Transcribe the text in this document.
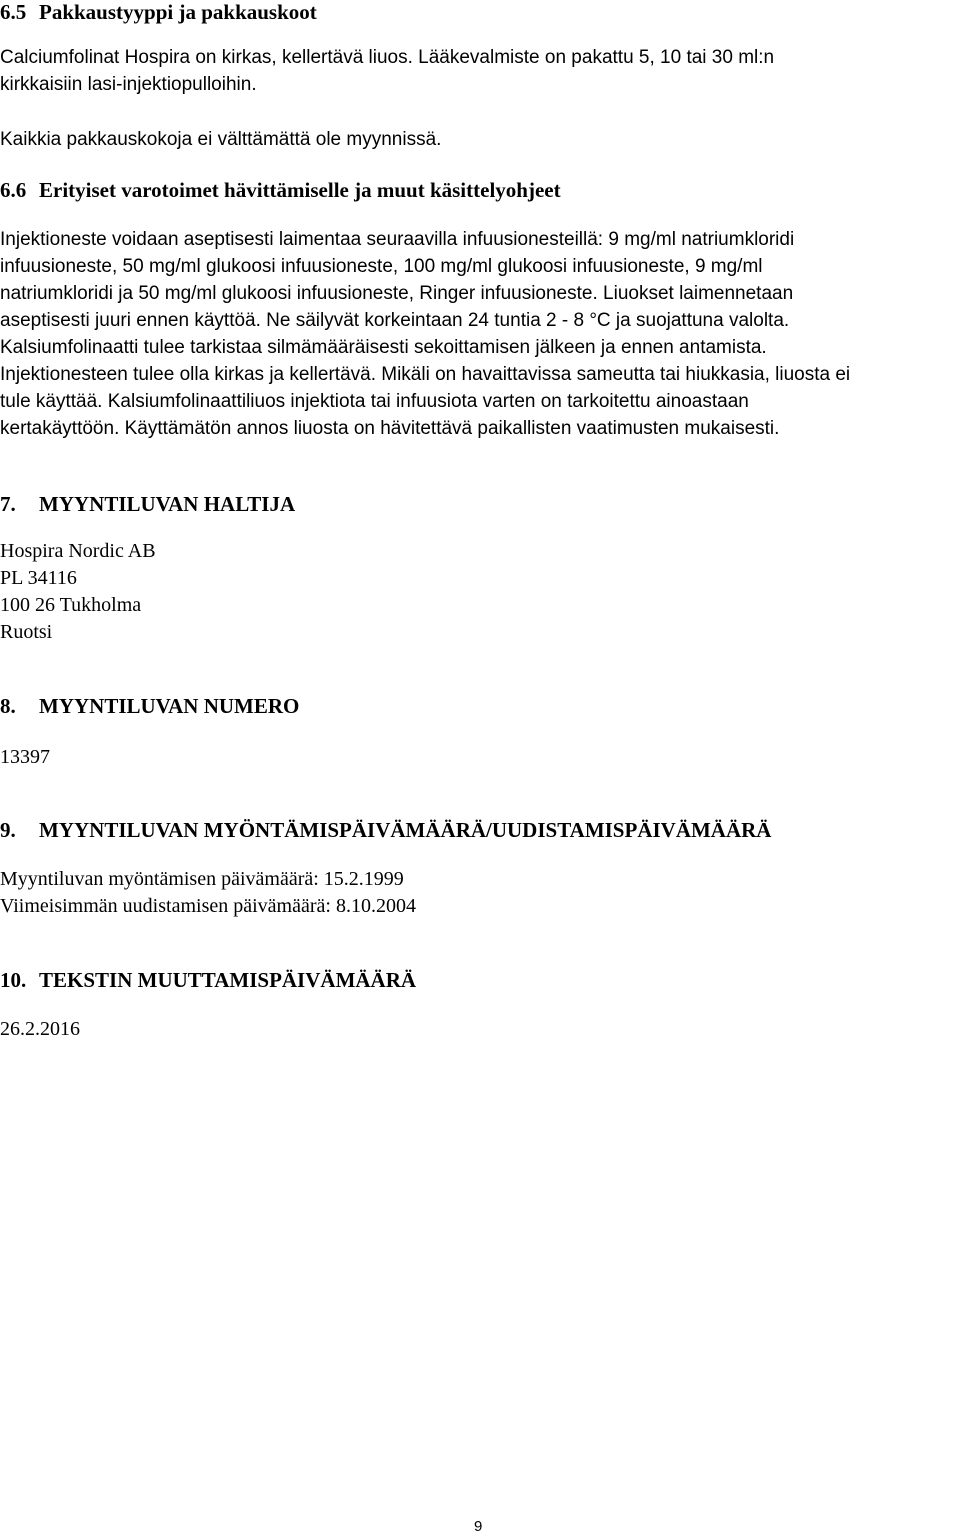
6.5 Pakkaustyyppi ja pakkauskoot
Calciumfolinat Hospira on kirkas, kellertävä liuos. Lääkevalmiste on pakattu 5, 10 tai 30 ml:n
kirkkaisiin lasi-injektiopulloihin.
Kaikkia pakkauskokoja ei välttämättä ole myynnissä.
6.6 Erityiset varotoimet hävittämiselle ja muut käsittelyohjeet
Injektioneste voidaan aseptisesti laimentaa seuraavilla infuusionesteillä: 9 mg/ml natriumkloridi
infuusioneste, 50 mg/ml glukoosi infuusioneste, 100 mg/ml glukoosi infuusioneste, 9 mg/ml
natriumkloridi ja 50 mg/ml glukoosi infuusioneste, Ringer infuusioneste. Liuokset laimennetaan
aseptisesti juuri ennen käyttöä. Ne säilyvät korkeintaan 24 tuntia 2 - 8 °C ja suojattuna valolta.
Kalsiumfolinaatti tulee tarkistaa silmämääräisesti sekoittamisen jälkeen ja ennen antamista.
Injektionesteen tulee olla kirkas ja kellertävä. Mikäli on havaittavissa sameutta tai hiukkasia, liuosta ei
tule käyttää. Kalsiumfolinaattiliuos injektiota tai infuusiota varten on tarkoitettu ainoastaan
kertakäyttöön. Käyttämätön annos liuosta on hävitettävä paikallisten vaatimusten mukaisesti.
7. MYYNTILUVAN HALTIJA
Hospira Nordic AB
PL 34116
100 26 Tukholma
Ruotsi
8. MYYNTILUVAN NUMERO
13397
9. MYYNTILUVAN MYÖNTÄMISPÄIVÄMÄÄRÄ/UUDISTAMISPÄIVÄMÄÄRÄ
Myyntiluvan myöntämisen päivämäärä: 15.2.1999
Viimeisimmän uudistamisen päivämäärä: 8.10.2004
10. TEKSTIN MUUTTAMISPÄIVÄMÄÄRÄ
26.2.2016
9
